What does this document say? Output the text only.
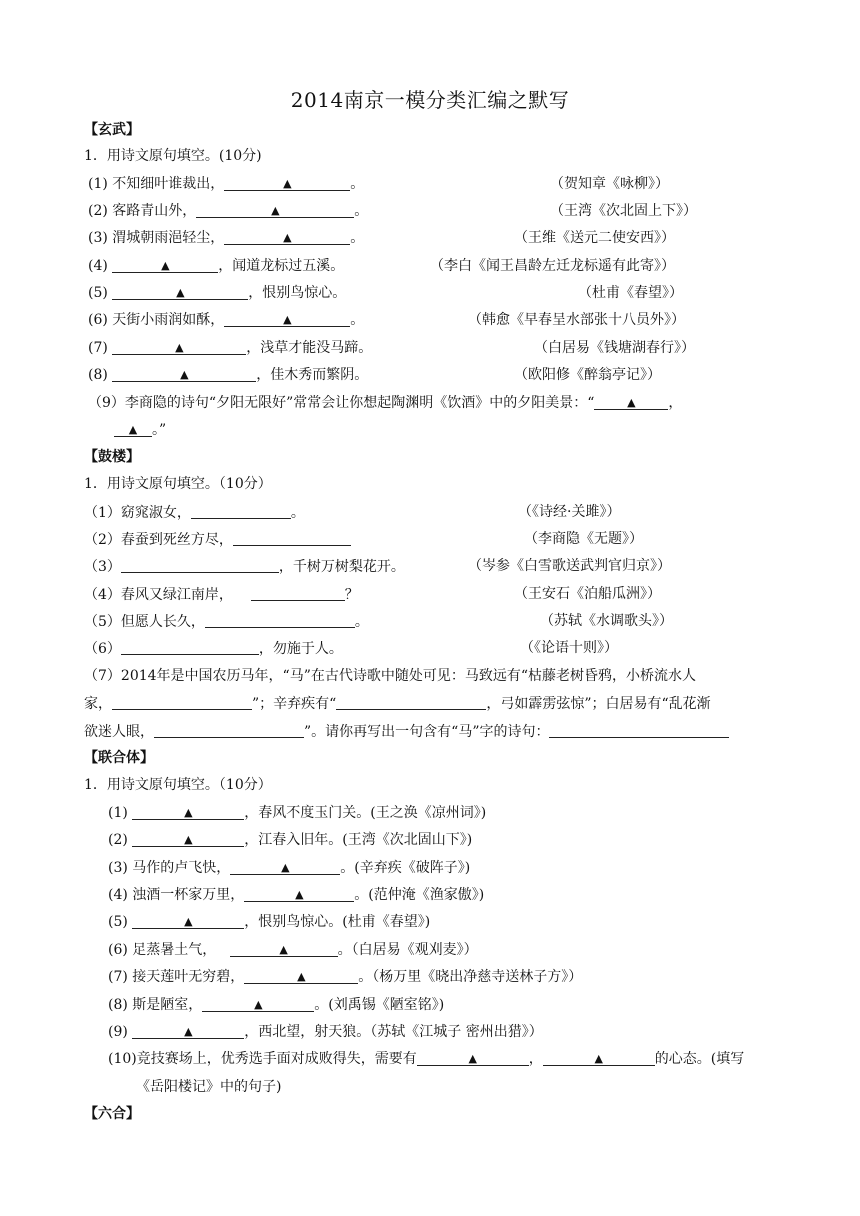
2014南京一模分类汇编之默写
【玄武】
1．用诗文原句填空。(10分)
(1) 不知细叶谁裁出，	▲	。	（贺知章《咏柳》）
(2) 客路青山外，	▲	。	（王湾《次北固上下》）
(3) 渭城朝雨浥轻尘，	▲	。	（王维《送元二使安西》）
(4)	▲	，闻道龙标过五溪。	（李白《闻王昌龄左迁龙标遥有此寄》）
(5)	▲	，恨别鸟惊心。	（杜甫《春望》）
(6) 天街小雨润如酥，	▲	。	（韩愈《早春呈水部张十八员外》）
(7)	▲	，浅草才能没马蹄。	（白居易《钱塘湖春行》）
(8)	▲	，佳木秀而繁阴。	（欧阳修《醉翁亭记》）
（9）李商隐的诗句“夕阳无限好”常常会让你想起陶渊明《饮酒》中的夕阳美景：“	▲ ，
▲ 。”
【鼓楼】
1．用诗文原句填空。（10分）
（1）窈窕淑女，	。	（《诗经·关雎》）
（2）春蚕到死丝方尽，	（李商隐《无题》）
（3）	，千树万树梨花开。	（岑参《白雪歌送武判官归京》）
（4）春风又绿江南岸，	？	（王安石《泊船瓜洲》）
（5）但愿人长久，	。	（苏轼《水调歌头》）
（6）	，勿施于人。	（《论语十则》）
（7）2014年是中国农历马年，“马”在古代诗歌中随处可见：马致远有“枯藤老树昏鸦，小桥流水人
家，	”；辛弃疾有“	，弓如霹雳弦惊”；白居易有“乱花渐
欲迷人眼，	”。请你再写出一句含有“马”字的诗句：
【联合体】
1．用诗文原句填空。（10分）
(1)	▲	，春风不度玉门关。(王之涣《凉州词》)
(2)	▲	，江春入旧年。(王湾《次北固山下》)
(3) 马作的卢飞快，	▲	。(辛弃疾《破阵子》)
(4) 浊酒一杯家万里，	▲	。(范仲淹《渔家傲》)
(5)	▲	，恨别鸟惊心。(杜甫《春望》)
(6) 足蒸暑土气，	▲	。（白居易《观刈麦》）
(7) 接天莲叶无穷碧，	▲	。（杨万里《晓出净慈寺送林子方》）
(8) 斯是陋室，	▲	。(刘禹锡《陋室铭》)
(9)	▲	，西北望，射天狼。（苏轼《江城子 密州出猎》）
(10)竞技赛场上，优秀选手面对成败得失，需要有	▲	，	▲	的心态。(填写
《岳阳楼记》中的句子)
【六合】
